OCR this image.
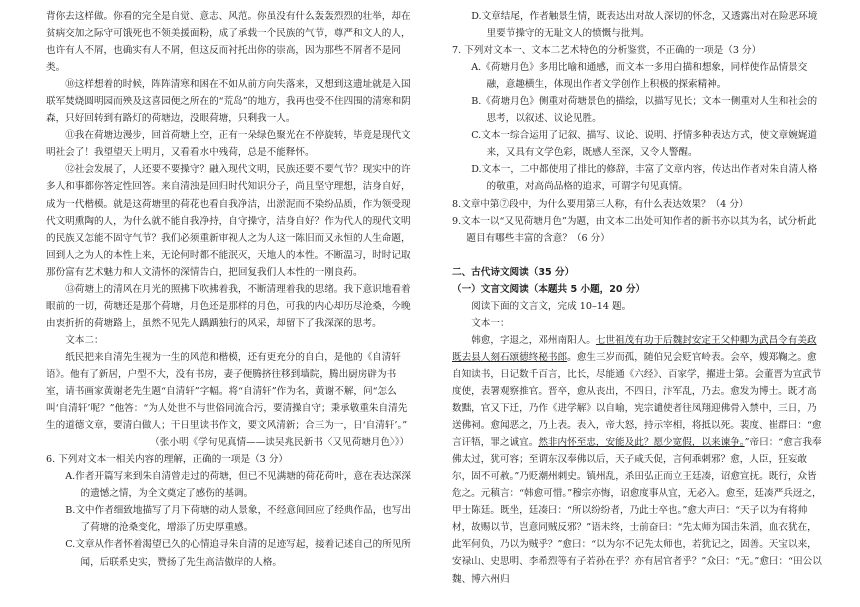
背你去这样做。你看的完全是自觉、意志、风范。你虽没有什么轰轰烈烈的壮举，却在贫病交加之际守可饿死也不领美援面粉，成了承载一个民族的气节，尊严和文人的人，也许有人不屑，也确实有人不屑，但这反而衬托出你的崇高，因为那些不屑者不是同类。

⑩这样想着的时候，阵阵清寒和困在不如从前方向失落来，又想到这遗址就是入国联军焚烧圆明园而殃及这喜园便之所在的“荒岛”的地方，我再也受不住四围的清寒和阴森，只好回转到有路灯的荷塘边，没眼荷塘，只剩我一人。

⑪我在荷塘边漫步，回首荷塘上空，正有一朵绿色聚光在不停旋转，毕竟是现代文明社会了！我望望天上明月，又看看水中残荷，总是不能释怀。

⑫社会发展了，人还要不要操守？融入现代文明，民族还要不要气节？现实中的许多人和事都你答定性回答。来自清浊是回归时代知识分子，尚且坚守理想，洁身自好，成为一代楷模。就是这荷塘里的荷花也看自我净洁，出淤泥而不染纷品质，作为领受现代文明熏陶的人，为什么就不能自我净持，自守操守，洁身自好？作为代人的现代文明的民族又怎能不固守气节？我们必须重新审视人之为人这一陈旧而又永恒的人生命题，回到人之为人的本性上来，无论何时都不能泯灭，天地人的本性。不断温习，时时记取那份富有艺术魅力和人文清怀的深情告白，把回复我们人本性的一刚良药。

⑬荷塘上的清风在月光的照拂下吹拂着我，不断清理着我的思绪。我下意识地看着眼前的一切，荷塘还是那个荷塘，月色还是那样的月色，可我的内心却历尽沧桑，今晚由衷折折的荷塘路上，虽然不见先人踽踽独行的风采，却留下了我深深的思考。

文本二：

纸民把来自清先生视为一生的风范和楷模，还有更充分的自白，是他的《自清轩语》。他有了新居，户型不大，没有书房，妻子便腾挤往移到墙院，腾出厨房辟为书室，请书画家黄谢老先生题“自清轩”字幅。将“自清轩”作为名，黄谢不解，问“怎么叫‘自清轩’呢？”他答：“为人处世不与世俗同流合污，要清操自守；秉承敬重朱自清先生的道德文章，要清白做人；干日里读书作文，要文风清新；合三为一，日‘自清轩’。”

（张小明《学句见真情——读吴兆民新书〈又见荷塘月色〉》）

6. 下列对文本一相关内容的理解，正确的一项是（3 分）

A.作者开篇写来到朱自清曾走过的荷塘，但已不见满塘的荷花荷叶，意在表达深深的遗憾之情，为全文奠定了感伤的基调。

B.文中作者细致地描写了月下荷塘的动人景象，不经意间回应了经典作品，也写出了荷塘的沧桑变化，增添了历史厚重感。

C.文章从作者怀着渴望已久的心情追寻朱自清的足迹写起，接着记述自己的所见所闻，后联系史实，赞扬了先生高洁傲岸的人格。

D.文章结尾，作者触景生情，既表达出对故人深切的怀念，又透露出对在险恶环境里要节操守的无耻文人的愤慨与批判。

7. 下列对文本一、文本二艺术特色的分析鉴赏，不正确的一项是（3 分）

A.《荷塘月色》多用比喻和通感，而文本一多用白描和想象，同样使作品情景交融，意趣横生，体现出作者文学创作上积极的探索精神。

B.《荷塘月色》侧重对荷塘景色的描绘，以描写见长；文本一侧重对人生和社会的思考，以叙述、议论见胜。

C.文本一综合运用了记叙、描写、议论、说明、抒情多种表达方式，使文章婉娓道来，又具有文学色彩，既感人至深，又令人警醒。

D.文本一，二中都使用了排比的修辞，丰富了文章内容，传达出作者对朱自清人格的敬重，对高尚品格的追求，可谓字句见真情。

8.文章中第⑦段中，为什么要用第三人称，有什么表达效果？（4 分）

9.文本一以“又见荷塘月色”为题，由文本二出处可知作者的新书亦以其为名，试分析此题目有哪些丰富的含意？（6 分）

二、古代诗文阅读（35 分）

（一）文言文阅读（本题共 5 小题，20 分）

阅读下面的文言文，完成 10–14 题。

文本一：

韩愈，字退之，邓州南阳人。七世祖茂有功于后魏封安定王父仲卿为武昌令有美政既去县人刻石颂德终秘书郎。愈生三岁而孤，随伯兄会贬官岭表。会卒，嫂郑鞠之。愈自知读书，日记数千百言，比长，尽能通《六经》、百家学，擢进士第。会董晋为宣武节度使，表署观察推官。晋卒，愈从丧出，不四日，汴军乱，乃去。愈发为博士。既才高数黜，官又下迁，乃作《进学解》以自喻，宪宗谴使者往凤翔迎佛骨入禁中，三日，乃送佛祠。愈闻恶之，乃上表。表入，帝大怒，持示宰相，将抵以死。裴度、崔群曰：“愈言讦牾，罪之诚宜。然非内怀至忠，安能及此？愿少宽假，以来谏争。”帝曰：“愈言我奉佛太过，犹可容；至谓东汉奉佛以后，天子咸夭促，言何乖刺邪？愈，人臣，狂妄敢尔，固不可赦。”乃贬潮州刺史。镇州乱，杀田弘正而立王廷凑，诏愈宣抚。既行，众皆危之。元稹言：“韩愈可惜。”穆宗亦悔，诏愈度事从宜，无必入。愈至，廷凑严兵迓之，甲士陈廷。既坐，廷凑曰：“所以纷纷者，乃此士卒也。”愈大声曰：“天子以为有将帅材，故赐以节，岂意同贼反邪？”语未终，士前奋曰：“先太师为国击朱滔，血衣犹在，此军何负，乃以为贼乎？”愈曰：“以为尔不记先太师也，若犹记之，固善。天宝以来，安禄山、史思明、李希烈等有子若孙在乎？亦有居官者乎？”众曰：“无。”愈曰：“田公以魏、博六州归
